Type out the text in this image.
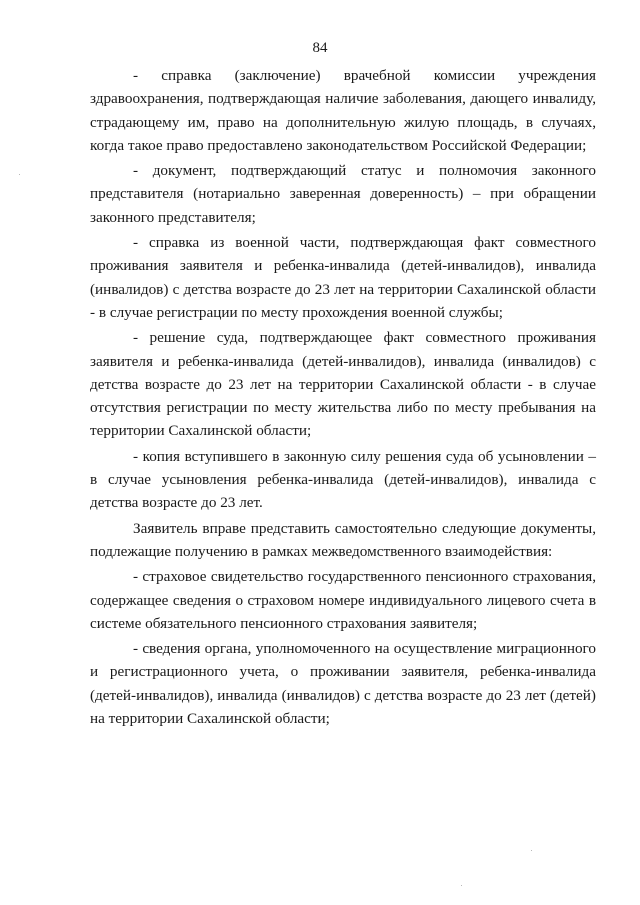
84

- справка (заключение) врачебной комиссии учреждения здравоохранения, подтверждающая наличие заболевания, дающего инвалиду, страдающему им, право на дополнительную жилую площадь, в случаях, когда такое право предоставлено законодательством Российской Федерации;

- документ, подтверждающий статус и полномочия законного представителя (нотариально заверенная доверенность) – при обращении законного представителя;

- справка из военной части, подтверждающая факт совместного проживания заявителя и ребенка-инвалида (детей-инвалидов), инвалида (инвалидов) с детства возрасте до 23 лет на территории Сахалинской области - в случае регистрации по месту прохождения военной службы;

- решение суда, подтверждающее факт совместного проживания заявителя и ребенка-инвалида (детей-инвалидов), инвалида (инвалидов) с детства возрасте до 23 лет на территории Сахалинской области - в случае отсутствия регистрации по месту жительства либо по месту пребывания на территории Сахалинской области;

- копия вступившего в законную силу решения суда об усыновлении – в случае усыновления ребенка-инвалида (детей-инвалидов), инвалида с детства возрасте до 23 лет.

Заявитель вправе представить самостоятельно следующие документы, подлежащие получению в рамках межведомственного взаимодействия:

- страховое свидетельство государственного пенсионного страхования, содержащее сведения о страховом номере индивидуального лицевого счета в системе обязательного пенсионного страхования заявителя;

- сведения органа, уполномоченного на осуществление миграционного и регистрационного учета, о проживании заявителя, ребенка-инвалида (детей-инвалидов), инвалида (инвалидов) с детства возрасте до 23 лет (детей) на территории Сахалинской области;
